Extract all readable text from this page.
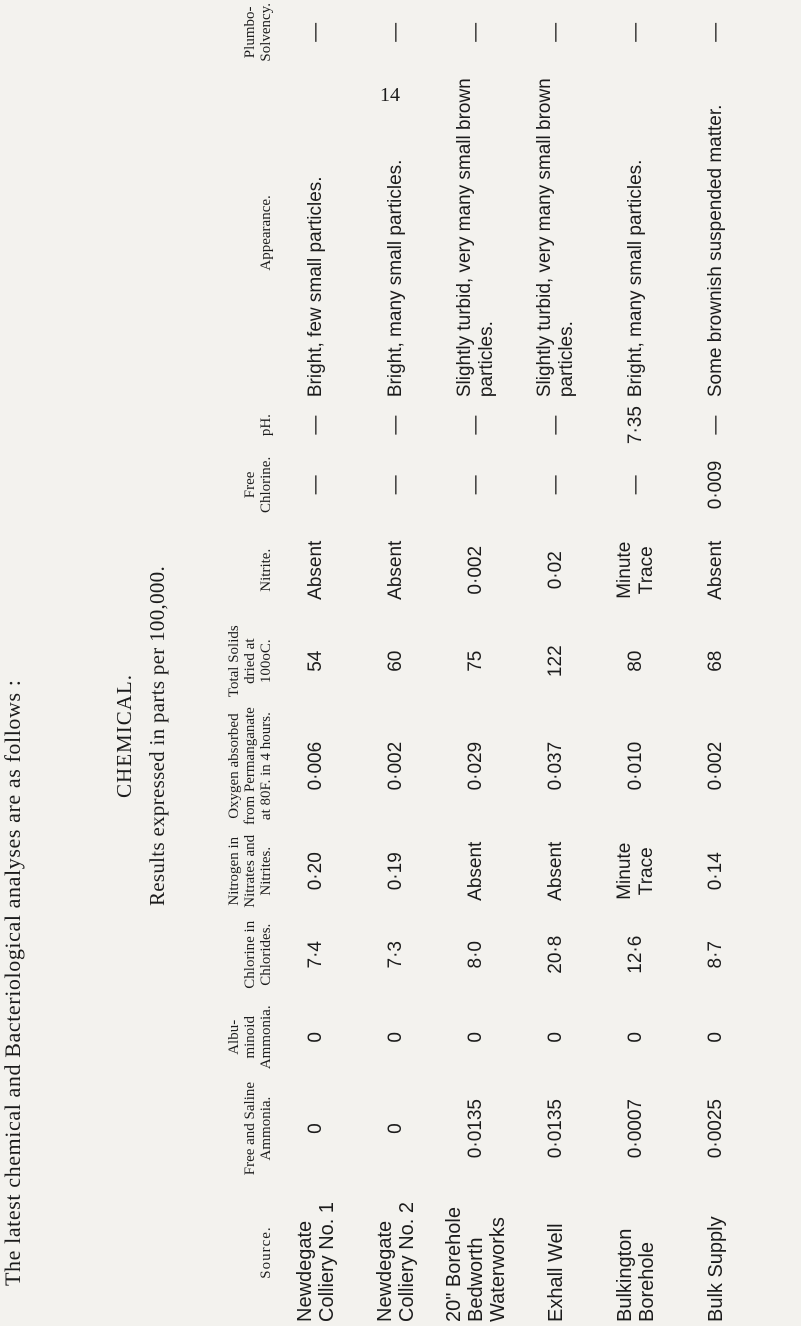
14
The latest chemical and Bacteriological analyses are as follows :	CHEMICAL. Results expressed in parts per 100,000.
Source.	Free and Saline Ammonia.	Albu-minoid Ammonia.	Chlorine in Chlorides.	Nitrogen in Nitrates and Nitrites.	Oxygen absorbed from Permanganate at 80F. in 4 hours.	Total Solids dried at 100oC.	Nitrite.	Free Chlorine.	pH.	Appearance.	Plumbo-Solvency.
Newdegate Colliery No. 1	0	0	7·4	0·20	0·006	54	Absent	—	—	Bright, few small particles.	—
Newdegate Colliery No. 2	0	0	7·3	0·19	0·002	60	Absent	—	—	Bright, many small particles.	—
20" Borehole Bedworth Waterworks	0·0135	0	8·0	Absent	0·029	75	0·002	—	—	Slightly turbid, very many small brown particles.	—
Exhall Well	0·0135	0	20·8	Absent	0·037	122	0·02	—	—	Slightly turbid, very many small brown particles.	—
Bulkington Borehole	0·0007	0	12·6	Minute Trace	0·010	80	Minute Trace	—	7·35	Bright, many small particles.	—
Bulk Supply	0·0025	0	8·7	0·14	0·002	68	Absent	0·009	—	Some brownish suspended matter.	—
